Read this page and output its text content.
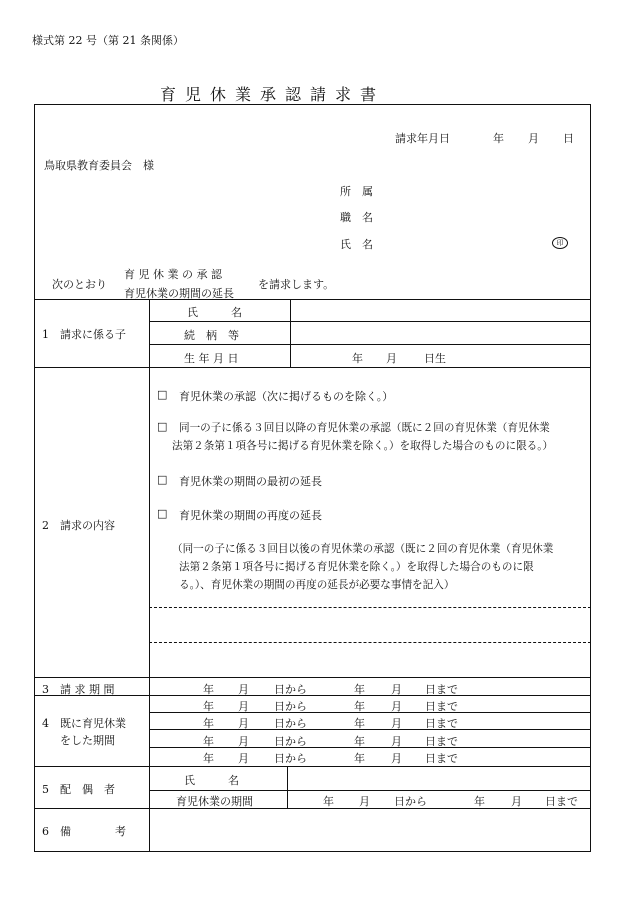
様式第 22 号（第 21 条関係）
育児休業承認請求書
請求年月日	年 月 日
鳥取県教育委員会　様
所　属
職　名
氏　名	印
次のとおり
育 児 休 業 の 承 認
育児休業の期間の延長
を請求します。
1　請求に係る子
氏　　　名
続　柄　等
生 年 月 日	年 月 日生
2　請求の内容
□ 育児休業の承認（次に掲げるものを除く。）
□ 同一の子に係る３回目以降の育児休業の承認（既に２回の育児休業（育児休業
法第２条第１項各号に掲げる育児休業を除く。）を取得した場合のものに限る。）
□ 育児休業の期間の最初の延長
□ 育児休業の期間の再度の延長
（同一の子に係る３回目以後の育児休業の承認（既に２回の育児休業（育児休業
法第２条第１項各号に掲げる育児休業を除く。）を取得した場合のものに限
る。）、育児休業の期間の再度の延長が必要な事情を記入）
3　請 求 期 間	年 月 日から	年 月 日まで
4　既に育児休業
をした期間
年 月 日から	年 月 日まで
年 月 日から	年 月 日まで
年 月 日から	年 月 日まで
年 月 日から	年 月 日まで
5　配　偶　者
氏　　　名
育児休業の期間	年 月 日から	年 月 日まで
6　備　　　　考
